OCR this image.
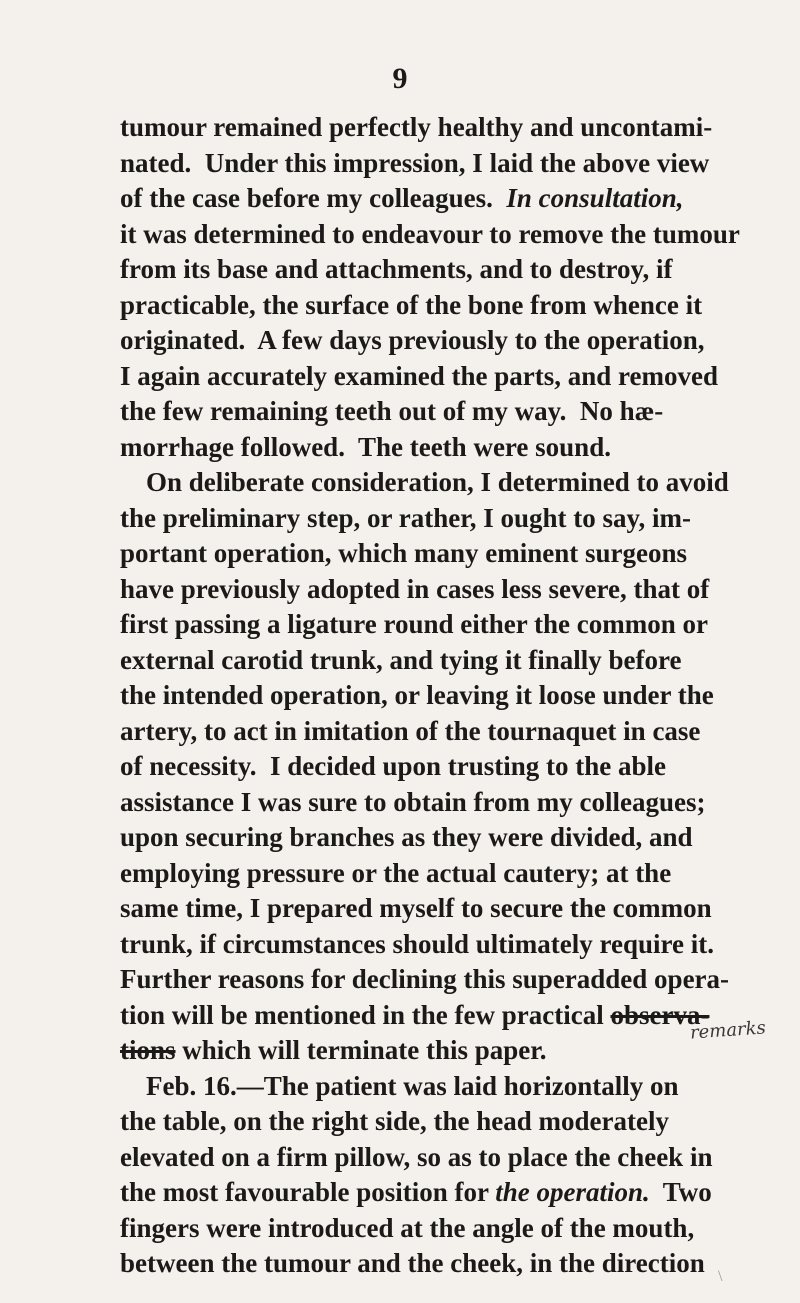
9
tumour remained perfectly healthy and uncontami-
nated.  Under this impression, I laid the above view
of the case before my colleagues.  In consultation,
it was determined to endeavour to remove the tumour
from its base and attachments, and to destroy, if
practicable, the surface of the bone from whence it
originated.  A few days previously to the operation,
I again accurately examined the parts, and removed
the few remaining teeth out of my way.  No hæ-
morrhage followed.  The teeth were sound.
On deliberate consideration, I determined to avoid
the preliminary step, or rather, I ought to say, im-
portant operation, which many eminent surgeons
have previously adopted in cases less severe, that of
first passing a ligature round either the common or
external carotid trunk, and tying it finally before
the intended operation, or leaving it loose under the
artery, to act in imitation of the tournaquet in case
of necessity.  I decided upon trusting to the able
assistance I was sure to obtain from my colleagues;
upon securing branches as they were divided, and
employing pressure or the actual cautery; at the
same time, I prepared myself to secure the common
trunk, if circumstances should ultimately require it.
Further reasons for declining this superadded opera-
tion will be mentioned in the few practical observa-
tions which will terminate this paper.
Feb. 16.—The patient was laid horizontally on
the table, on the right side, the head moderately
elevated on a firm pillow, so as to place the cheek in
the most favourable position for the operation.  Two
fingers were introduced at the angle of the mouth,
between the tumour and the cheek, in the direction
remarks
\
